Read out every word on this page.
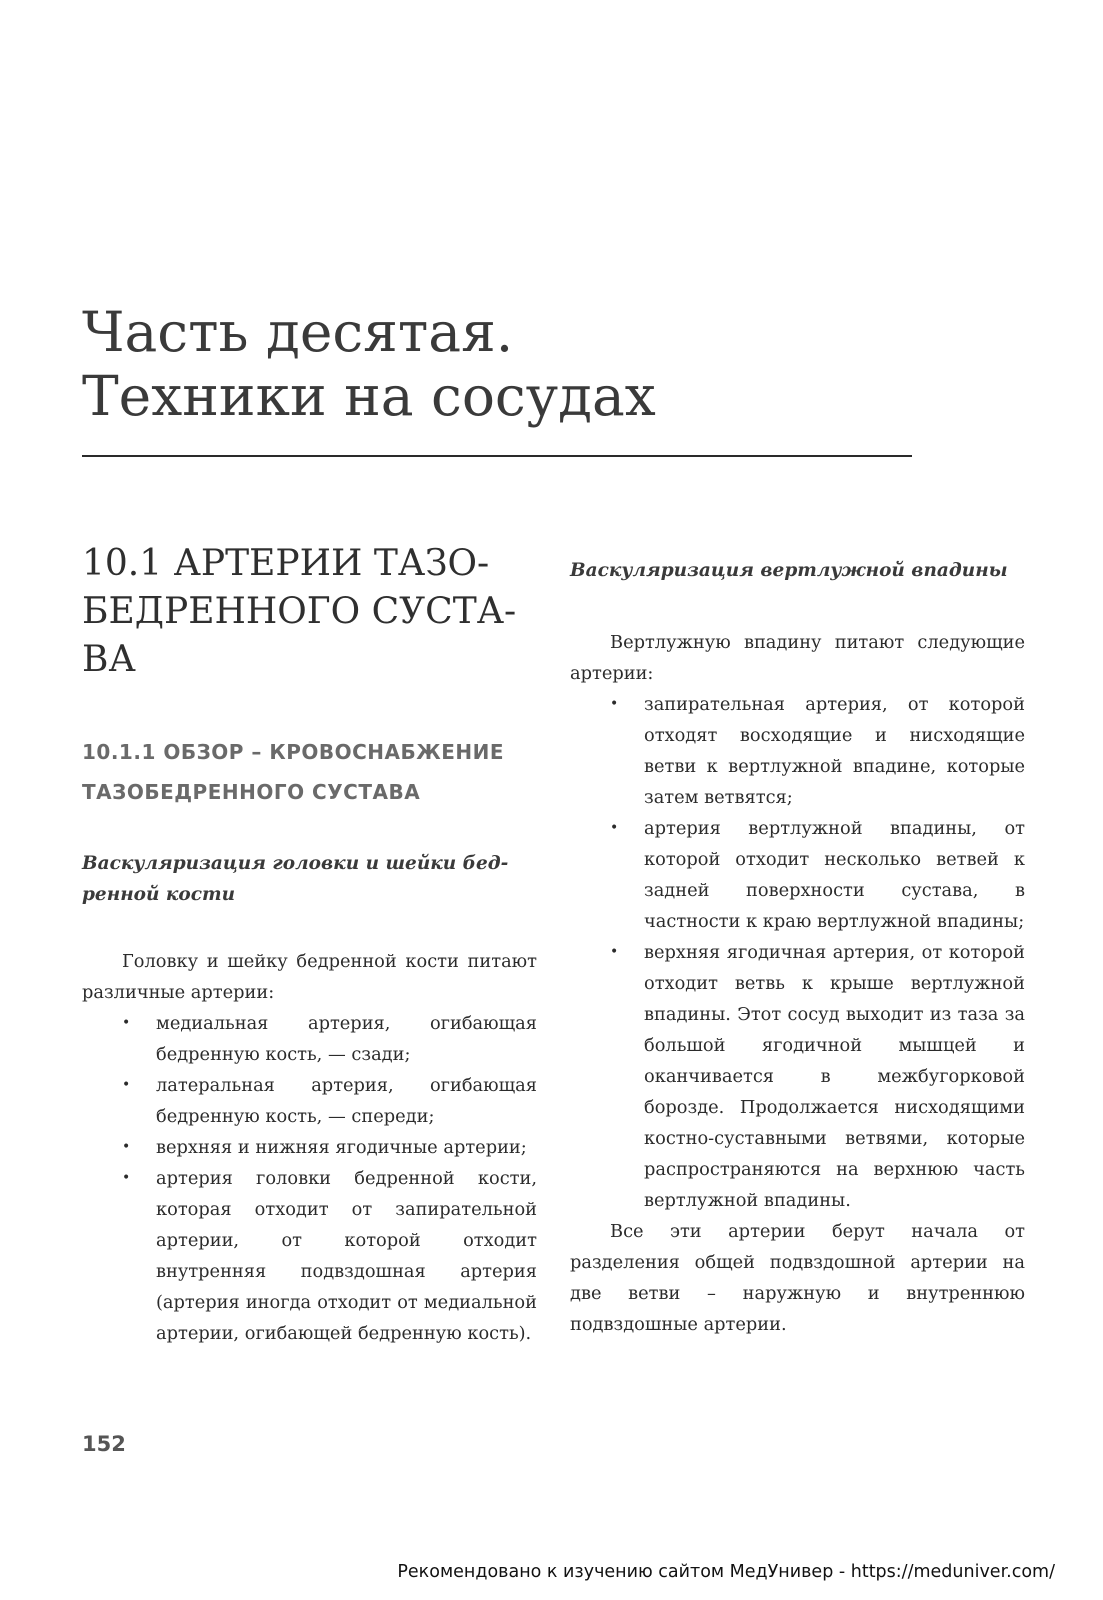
Часть десятая.
Техники на сосудах
10.1 АРТЕРИИ ТАЗО-
БЕДРЕННОГО СУСТА-
ВА
10.1.1 ОБЗОР – КРОВОСНАБЖЕНИЕ
ТАЗОБЕДРЕННОГО СУСТАВА
Васкуляризация головки и шейки бед-
ренной кости

Головку и шейку бедренной кости питают различные артерии:

• медиальная артерия, огибающая бедренную кость, — сзади;
• латеральная артерия, огибающая бедренную кость, — спереди;
• верхняя и нижняя ягодичные артерии;
• артерия головки бедренной кости, которая отходит от запирательной артерии, от которой отходит внутренняя подвздошная артерия (артерия иногда отходит от медиальной артерии, огибающей бедренную кость).
Васкуляризация вертлужной впадины

Вертлужную впадину питают следующие артерии:

• запирательная артерия, от которой отходят восходящие и нисходящие ветви к вертлужной впадине, которые затем ветвятся;
• артерия вертлужной впадины, от которой отходит несколько ветвей к задней поверхности сустава, в частности к краю вертлужной впадины;
• верхняя ягодичная артерия, от которой отходит ветвь к крыше вертлужной впадины. Этот сосуд выходит из таза за большой ягодичной мышцей и оканчивается в межбугорковой борозде. Продолжается нисходящими костно-суставными ветвями, которые распространяются на верхнюю часть вертлужной впадины.

Все эти артерии берут начала от разделения общей подвздошной артерии на две ветви – наружную и внутреннюю подвздошные артерии.

152

Рекомендовано к изучению сайтом МедУнивер - https://meduniver.com/
